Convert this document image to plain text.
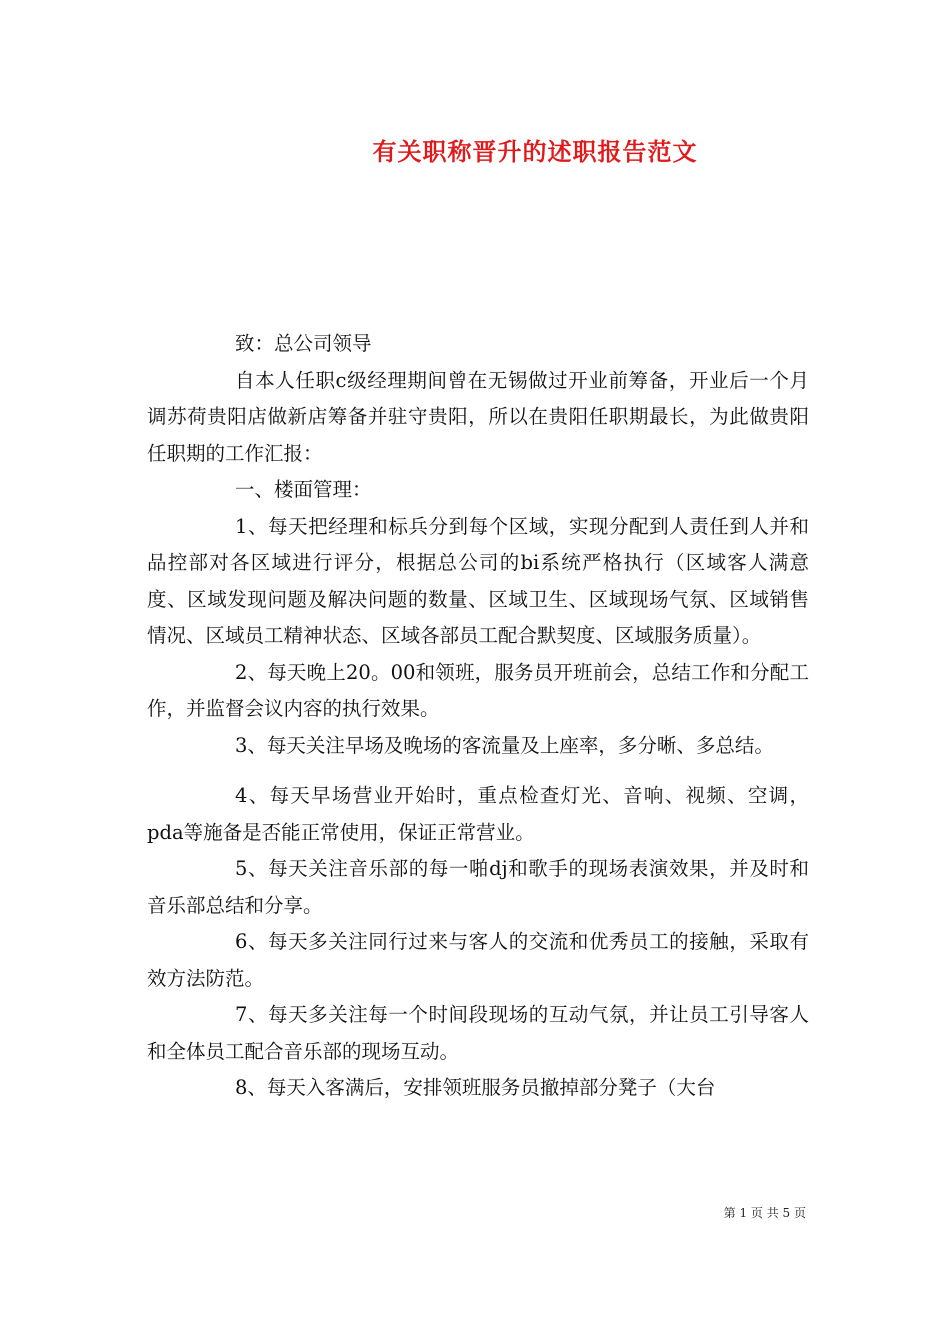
有关职称晋升的述职报告范文

致：总公司领导

自本人任职c级经理期间曾在无锡做过开业前筹备，开业后一个月调苏荷贵阳店做新店筹备并驻守贵阳，所以在贵阳任职期最长，为此做贵阳任职期的工作汇报：

一、楼面管理：

1、每天把经理和标兵分到每个区域，实现分配到人责任到人并和品控部对各区域进行评分，根据总公司的bi系统严格执行（区域客人满意度、区域发现问题及解决问题的数量、区域卫生、区域现场气氛、区域销售情况、区域员工精神状态、区域各部员工配合默契度、区域服务质量）。

2、每天晚上20。00和领班，服务员开班前会，总结工作和分配工作，并监督会议内容的执行效果。

3、每天关注早场及晚场的客流量及上座率，多分晰、多总结。

4、每天早场营业开始时，重点检查灯光、音响、视频、空调，pda等施备是否能正常使用，保证正常营业。

5、每天关注音乐部的每一啪dj和歌手的现场表演效果，并及时和音乐部总结和分享。

6、每天多关注同行过来与客人的交流和优秀员工的接触，采取有效方法防范。

7、每天多关注每一个时间段现场的互动气氛，并让员工引导客人和全体员工配合音乐部的现场互动。

8、每天入客满后，安排领班服务员撤掉部分凳子（大台

第 1 页 共 5 页
